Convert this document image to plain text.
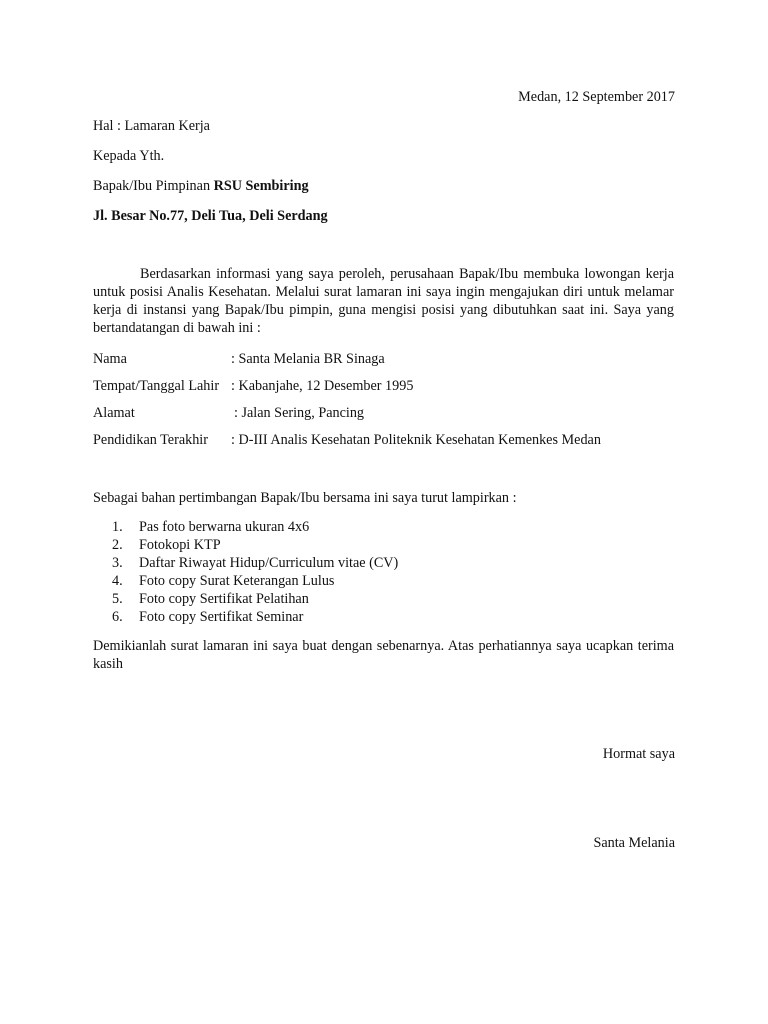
Medan, 12 September 2017
Hal : Lamaran Kerja
Kepada Yth.
Bapak/Ibu Pimpinan RSU Sembiring
Jl. Besar No.77, Deli Tua, Deli Serdang
Berdasarkan informasi yang saya peroleh, perusahaan Bapak/Ibu membuka lowongan kerja untuk posisi Analis Kesehatan. Melalui surat lamaran ini saya ingin mengajukan diri untuk melamar kerja di instansi yang Bapak/Ibu pimpin, guna mengisi posisi yang dibutuhkan saat ini. Saya yang bertandatangan di bawah ini :
Nama	: Santa Melania BR Sinaga
Tempat/Tanggal Lahir : Kabanjahe, 12 Desember 1995
Alamat	: Jalan Sering, Pancing
Pendidikan Terakhir : D-III Analis Kesehatan Politeknik Kesehatan Kemenkes Medan
Sebagai bahan pertimbangan Bapak/Ibu bersama ini saya turut lampirkan :
1. Pas foto berwarna ukuran 4x6
2. Fotokopi KTP
3. Daftar Riwayat Hidup/Curriculum vitae (CV)
4. Foto copy Surat Keterangan Lulus
5. Foto copy Sertifikat Pelatihan
6. Foto copy Sertifikat Seminar
Demikianlah surat lamaran ini saya buat dengan sebenarnya. Atas perhatiannya saya ucapkan terima kasih
Hormat saya
Santa Melania
